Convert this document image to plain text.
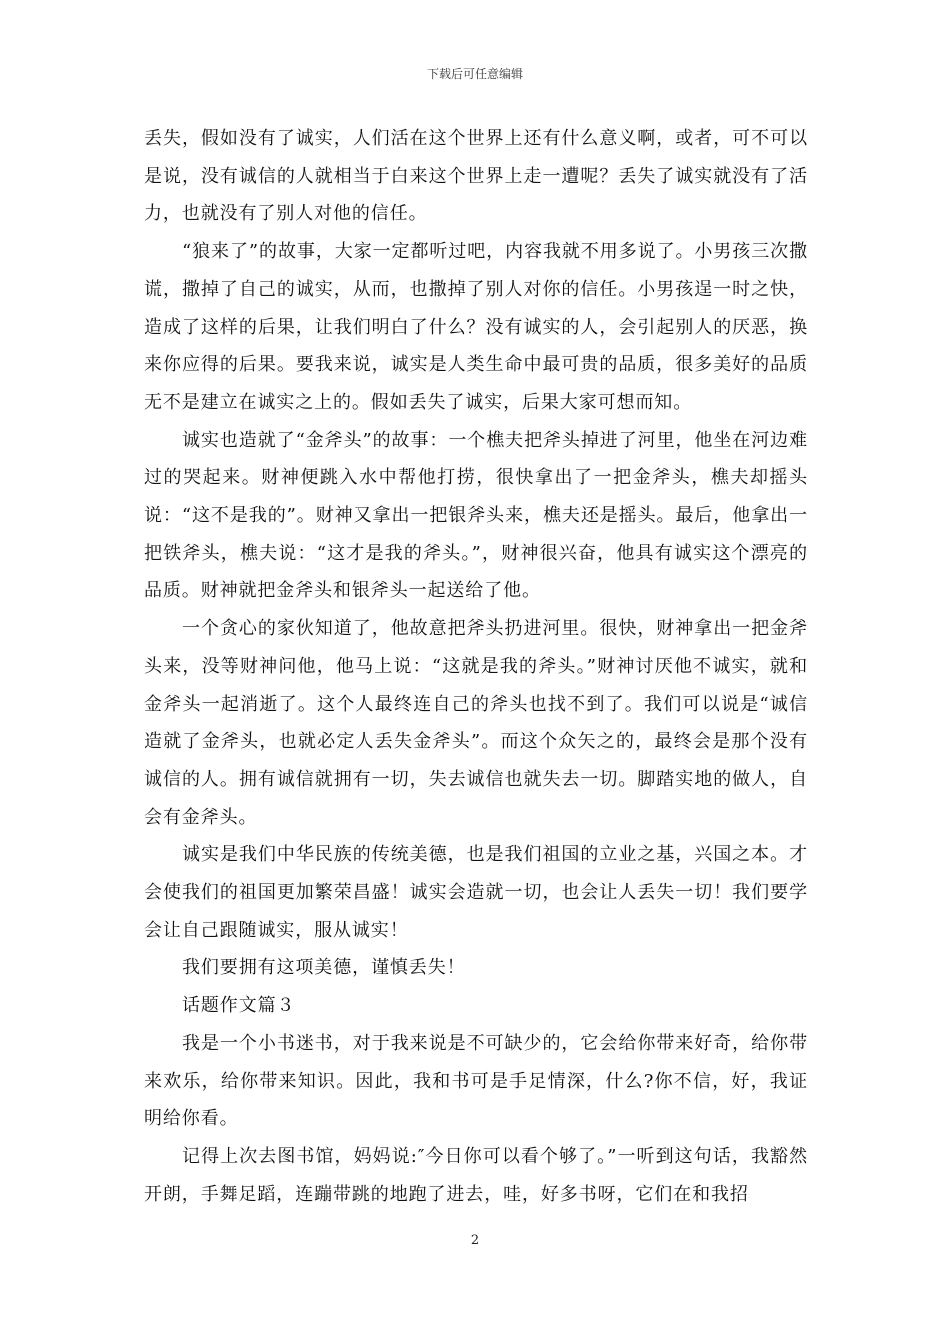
下载后可任意编辑

丢失，假如没有了诚实，人们活在这个世界上还有什么意义啊，或者，可不可以是说，没有诚信的人就相当于白来这个世界上走一遭呢？丢失了诚实就没有了活力，也就没有了别人对他的信任。

“狼来了”的故事，大家一定都听过吧，内容我就不用多说了。小男孩三次撒谎，撒掉了自己的诚实，从而，也撒掉了别人对你的信任。小男孩逞一时之快，造成了这样的后果，让我们明白了什么？没有诚实的人，会引起别人的厌恶，换来你应得的后果。要我来说，诚实是人类生命中最可贵的品质，很多美好的品质无不是建立在诚实之上的。假如丢失了诚实，后果大家可想而知。

诚实也造就了“金斧头”的故事：一个樵夫把斧头掉进了河里，他坐在河边难过的哭起来。财神便跳入水中帮他打捞，很快拿出了一把金斧头，樵夫却摇头说：“这不是我的”。财神又拿出一把银斧头来，樵夫还是摇头。最后，他拿出一把铁斧头，樵夫说：“这才是我的斧头。”，财神很兴奋，他具有诚实这个漂亮的品质。财神就把金斧头和银斧头一起送给了他。

一个贪心的家伙知道了，他故意把斧头扔进河里。很快，财神拿出一把金斧头来，没等财神问他，他马上说：“这就是我的斧头。”财神讨厌他不诚实，就和金斧头一起消逝了。这个人最终连自己的斧头也找不到了。我们可以说是“诚信造就了金斧头，也就必定人丢失金斧头”。而这个众矢之的，最终会是那个没有诚信的人。拥有诚信就拥有一切，失去诚信也就失去一切。脚踏实地的做人，自会有金斧头。

诚实是我们中华民族的传统美德，也是我们祖国的立业之基，兴国之本。才会使我们的祖国更加繁荣昌盛！诚实会造就一切，也会让人丢失一切！我们要学会让自己跟随诚实，服从诚实！

我们要拥有这项美德，谨慎丢失！

话题作文篇３

我是一个小书迷书，对于我来说是不可缺少的，它会给你带来好奇，给你带来欢乐，给你带来知识。因此，我和书可是手足情深，什么?你不信，好，我证明给你看。

记得上次去图书馆，妈妈说:″今日你可以看个够了。”一听到这句话，我豁然开朗，手舞足蹈，连蹦带跳的地跑了进去，哇，好多书呀，它们在和我招

2
